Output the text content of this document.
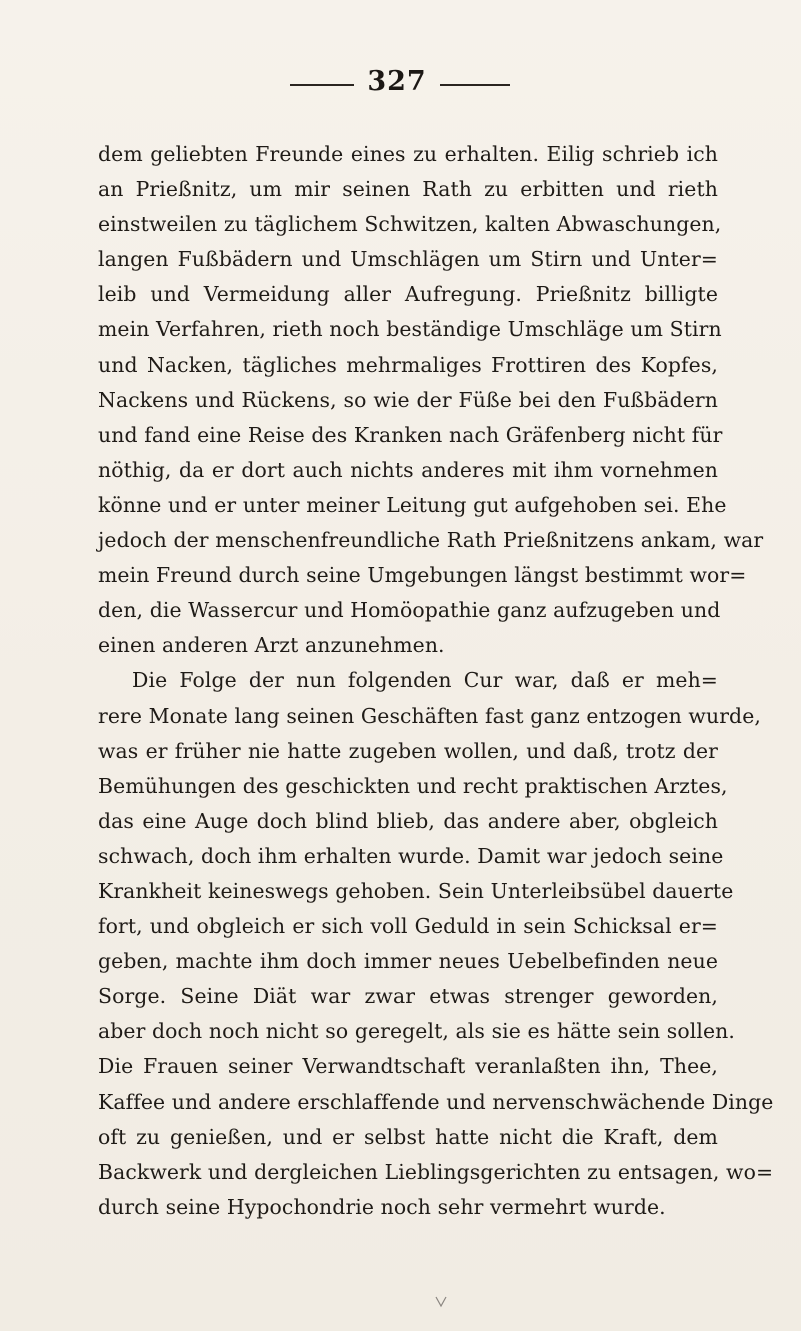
327
dem geliebten Freunde eines zu erhalten. Eilig schrieb ich
an Prießnitz, um mir seinen Rath zu erbitten und rieth
einstweilen zu täglichem Schwitzen, kalten Abwaschungen,
langen Fußbädern und Umschlägen um Stirn und Unter=
leib und Vermeidung aller Aufregung. Prießnitz billigte
mein Verfahren, rieth noch beständige Umschläge um Stirn
und Nacken, tägliches mehrmaliges Frottiren des Kopfes,
Nackens und Rückens, so wie der Füße bei den Fußbädern
und fand eine Reise des Kranken nach Gräfenberg nicht für
nöthig, da er dort auch nichts anderes mit ihm vornehmen
könne und er unter meiner Leitung gut aufgehoben sei. Ehe
jedoch der menschenfreundliche Rath Prießnitzens ankam, war
mein Freund durch seine Umgebungen längst bestimmt wor=
den, die Wassercur und Homöopathie ganz aufzugeben und
einen anderen Arzt anzunehmen.
Die Folge der nun folgenden Cur war, daß er meh=
rere Monate lang seinen Geschäften fast ganz entzogen wurde,
was er früher nie hatte zugeben wollen, und daß, trotz der
Bemühungen des geschickten und recht praktischen Arztes,
das eine Auge doch blind blieb, das andere aber, obgleich
schwach, doch ihm erhalten wurde. Damit war jedoch seine
Krankheit keineswegs gehoben. Sein Unterleibsübel dauerte
fort, und obgleich er sich voll Geduld in sein Schicksal er=
geben, machte ihm doch immer neues Uebelbefinden neue
Sorge. Seine Diät war zwar etwas strenger geworden,
aber doch noch nicht so geregelt, als sie es hätte sein sollen.
Die Frauen seiner Verwandtschaft veranlaßten ihn, Thee,
Kaffee und andere erschlaffende und nervenschwächende Dinge
oft zu genießen, und er selbst hatte nicht die Kraft, dem
Backwerk und dergleichen Lieblingsgerichten zu entsagen, wo=
durch seine Hypochondrie noch sehr vermehrt wurde.
